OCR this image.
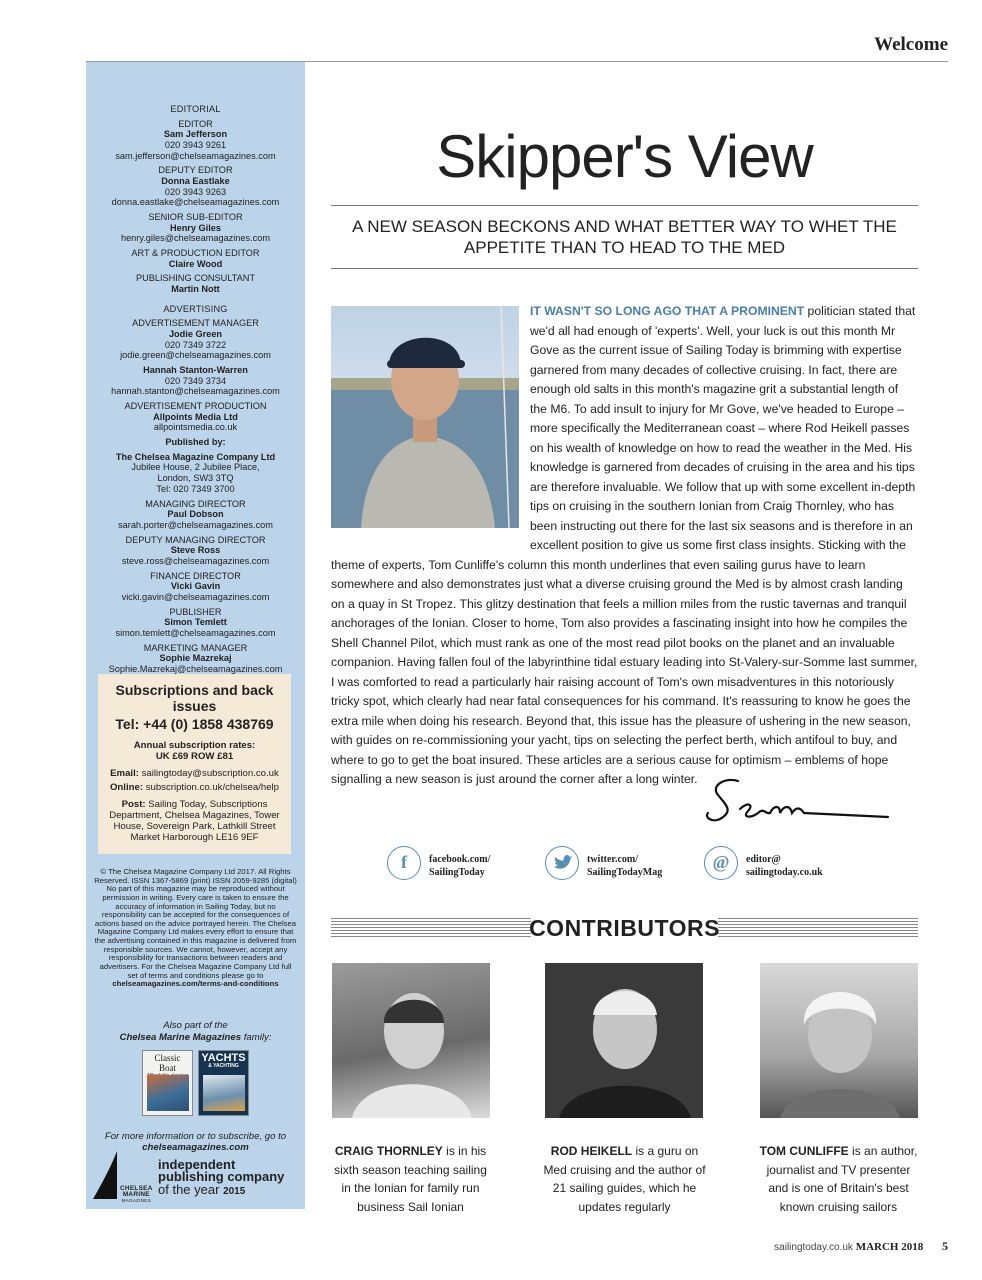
Welcome
EDITORIAL
EDITOR
Sam Jefferson
020 3943 9261
sam.jefferson@chelseamagazines.com
DEPUTY EDITOR
Donna Eastlake
020 3943 9263
donna.eastlake@chelseamagazines.com
SENIOR SUB-EDITOR
Henry Giles
henry.giles@chelseamagazines.com
ART & PRODUCTION EDITOR
Claire Wood
PUBLISHING CONSULTANT
Martin Nott
ADVERTISING
ADVERTISEMENT MANAGER
Jodie Green
020 7349 3722
jodie.green@chelseamagazines.com
Hannah Stanton-Warren
020 7349 3734
hannah.stanton@chelseamagazines.com
ADVERTISEMENT PRODUCTION
Allpoints Media Ltd
allpointsmedia.co.uk
Published by:
The Chelsea Magazine Company Ltd
Jubilee House, 2 Jubilee Place,
London, SW3 3TQ
Tel: 020 7349 3700
MANAGING DIRECTOR
Paul Dobson
sarah.porter@chelseamagazines.com
DEPUTY MANAGING DIRECTOR
Steve Ross
steve.ross@chelseamagazines.com
FINANCE DIRECTOR
Vicki Gavin
vicki.gavin@chelseamagazines.com
PUBLISHER
Simon Temlett
simon.temlett@chelseamagazines.com
MARKETING MANAGER
Sophie Mazrekaj
Sophie.Mazrekaj@chelseamagazines.com
Subscriptions and back issues
Tel: +44 (0) 1858 438769
Annual subscription rates:
UK £69 ROW £81
Email: sailingtoday@subscription.co.uk
Online: subscription.co.uk/chelsea/help
Post: Sailing Today, Subscriptions Department, Chelsea Magazines, Tower House, Sovereign Park, Lathkill Street Market Harborough LE16 9EF
© The Chelsea Magazine Company Ltd 2017. All Rights Reserved. ISSN 1367-5869 (print) ISSN 2059-9285 (digital)
No part of this magazine may be reproduced without permission in writing. Every care is taken to ensure the accuracy of information in Sailing Today, but no responsibility can be accepted for the consequences of actions based on the advice portrayed herein. The Chelsea Magazine Company Ltd makes every effort to ensure that the advertising contained in this magazine is delivered from responsible sources. We cannot, however, accept any responsibility for transactions between readers and advertisers. For the Chelsea Magazine Company Ltd full set of terms and conditions please go to
chelseamagazines.com/terms-and-conditions
Also part of the
Chelsea Marine Magazines family:
Classic Boat
YACHTS
& YACHTING
For more information or to subscribe, go to
chelseamagazines.com
CHELSEA
MARINE
MAGAZINES
independent
publishing company
of the year 2015
Skipper's View
A NEW SEASON BECKONS AND WHAT BETTER WAY TO WHET THE APPETITE THAN TO HEAD TO THE MED
IT WASN'T SO LONG AGO THAT A PROMINENT politician stated that we'd all had enough of 'experts'. Well, your luck is out this month Mr Gove as the current issue of Sailing Today is brimming with expertise garnered from many decades of collective cruising. In fact, there are enough old salts in this month's magazine grit a substantial length of the M6. To add insult to injury for Mr Gove, we've headed to Europe – more specifically the Mediterranean coast – where Rod Heikell passes on his wealth of knowledge on how to read the weather in the Med. His knowledge is garnered from decades of cruising in the area and his tips are therefore invaluable. We follow that up with some excellent in-depth tips on cruising in the southern Ionian from Craig Thornley, who has been instructing out there for the last six seasons and is therefore in an excellent position to give us some first class insights. Sticking with the theme of experts, Tom Cunliffe's column this month underlines that even sailing gurus have to learn somewhere and also demonstrates just what a diverse cruising ground the Med is by almost crash landing on a quay in St Tropez. This glitzy destination that feels a million miles from the rustic tavernas and tranquil anchorages of the Ionian. Closer to home, Tom also provides a fascinating insight into how he compiles the Shell Channel Pilot, which must rank as one of the most read pilot books on the planet and an invaluable companion. Having fallen foul of the labyrinthine tidal estuary leading into St-Valery-sur-Somme last summer, I was comforted to read a particularly hair raising account of Tom's own misadventures in this notoriously tricky spot, which clearly had near fatal consequences for his command. It's reassuring to know he goes the extra mile when doing his research. Beyond that, this issue has the pleasure of ushering in the new season, with guides on re-commissioning your yacht, tips on selecting the perfect berth, which antifoul to buy, and where to go to get the boat insured. These articles are a serious cause for optimism – emblems of hope signalling a new season is just around the corner after a long winter.
f	facebook.com/
SailingToday
twitter.com/
SailingTodayMag	@	editor@
sailingtoday.co.uk
CONTRIBUTORS
CRAIG THORNLEY is in his sixth season teaching sailing in the Ionian for family run business Sail Ionian
ROD HEIKELL is a guru on Med cruising and the author of 21 sailing guides, which he updates regularly
TOM CUNLIFFE is an author, journalist and TV presenter and is one of Britain's best known cruising sailors
sailingtoday.co.uk MARCH 2018 5
